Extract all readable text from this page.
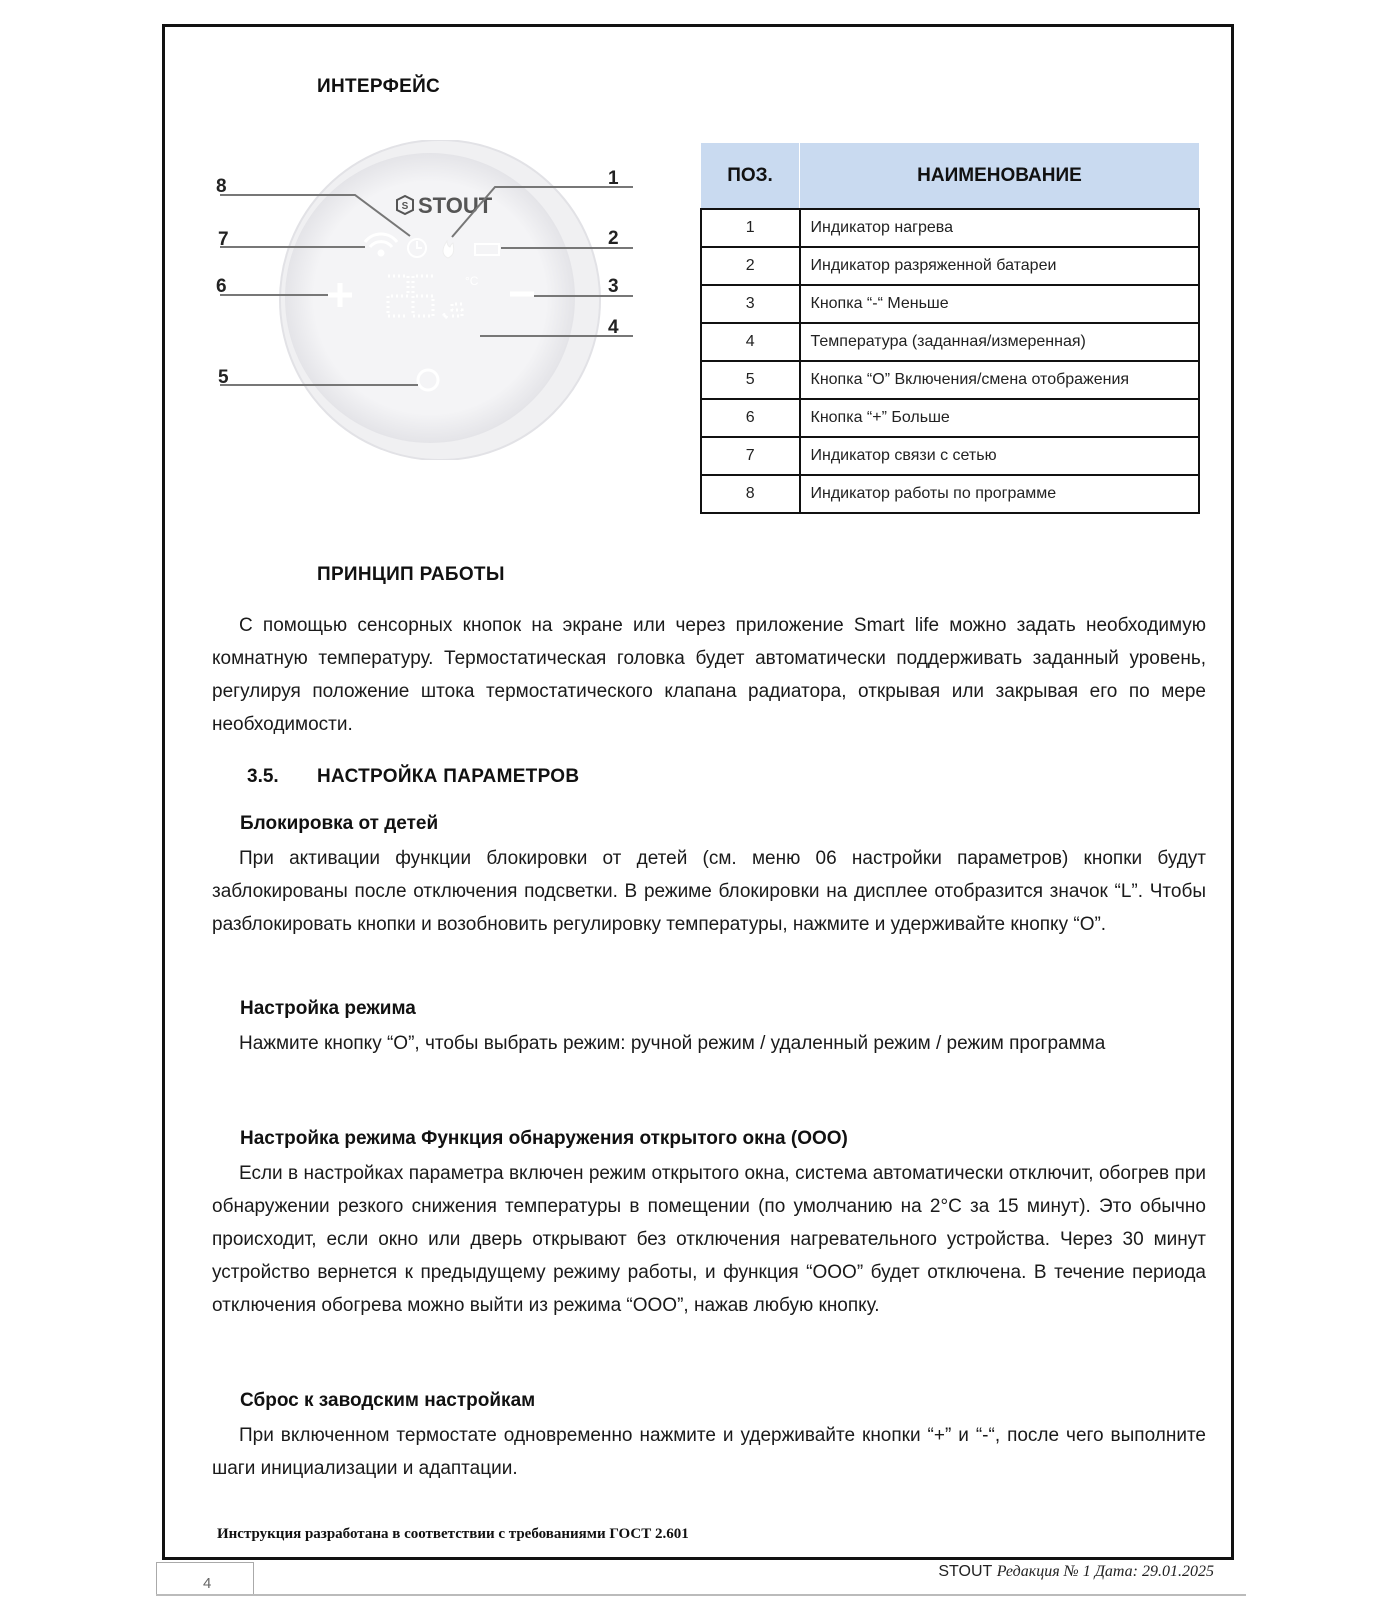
ИНТЕРФЕЙС
S STOUT
°C
8	1
7	2
6	3
4
5
ПОЗ.	НАИМЕНОВАНИЕ
1	Индикатор нагрева
2	Индикатор разряженной батареи
3	Кнопка “-“ Меньше
4	Температура (заданная/измеренная)
5	Кнопка “О” Включения/смена отображения
6	Кнопка “+” Больше
7	Индикатор связи с сетью
8	Индикатор работы по программе
ПРИНЦИП РАБОТЫ

С помощью сенсорных кнопок на экране или через приложение Smart life можно задать необходимую комнатную температуру. Термостатическая головка будет автоматически поддерживать заданный уровень, регулируя положение штока термостатического клапана радиатора, открывая или закрывая его по мере необходимости.

3.5. НАСТРОЙКА ПАРАМЕТРОВ
Блокировка от детей

При активации функции блокировки от детей (см. меню 06 настройки параметров) кнопки будут заблокированы после отключения подсветки. В режиме блокировки на дисплее отобразится значок “L”. Чтобы разблокировать кнопки и возобновить регулировку температуры, нажмите и удерживайте кнопку “О”.

Настройка режима

Нажмите кнопку “О”, чтобы выбрать режим: ручной режим / удаленный режим / режим программа

Настройка режима Функция обнаружения открытого окна (ООО)

Если в настройках параметра включен режим открытого окна, система автоматически отключит, обогрев при обнаружении резкого снижения температуры в помещении (по умолчанию на 2°C за 15 минут). Это обычно происходит, если окно или дверь открывают без отключения нагревательного устройства. Через 30 минут устройство вернется к предыдущему режиму работы, и функция “ООО” будет отключена. В течение периода отключения обогрева можно выйти из режима “ООО”, нажав любую кнопку.

Сброс к заводским настройкам

При включенном термостате одновременно нажмите и удерживайте кнопки “+” и “-“, после чего выполните шаги инициализации и адаптации.

Инструкция разработана в соответствии с требованиями ГОСТ 2.601
4
STOUT Редакция № 1 Дата: 29.01.2025
